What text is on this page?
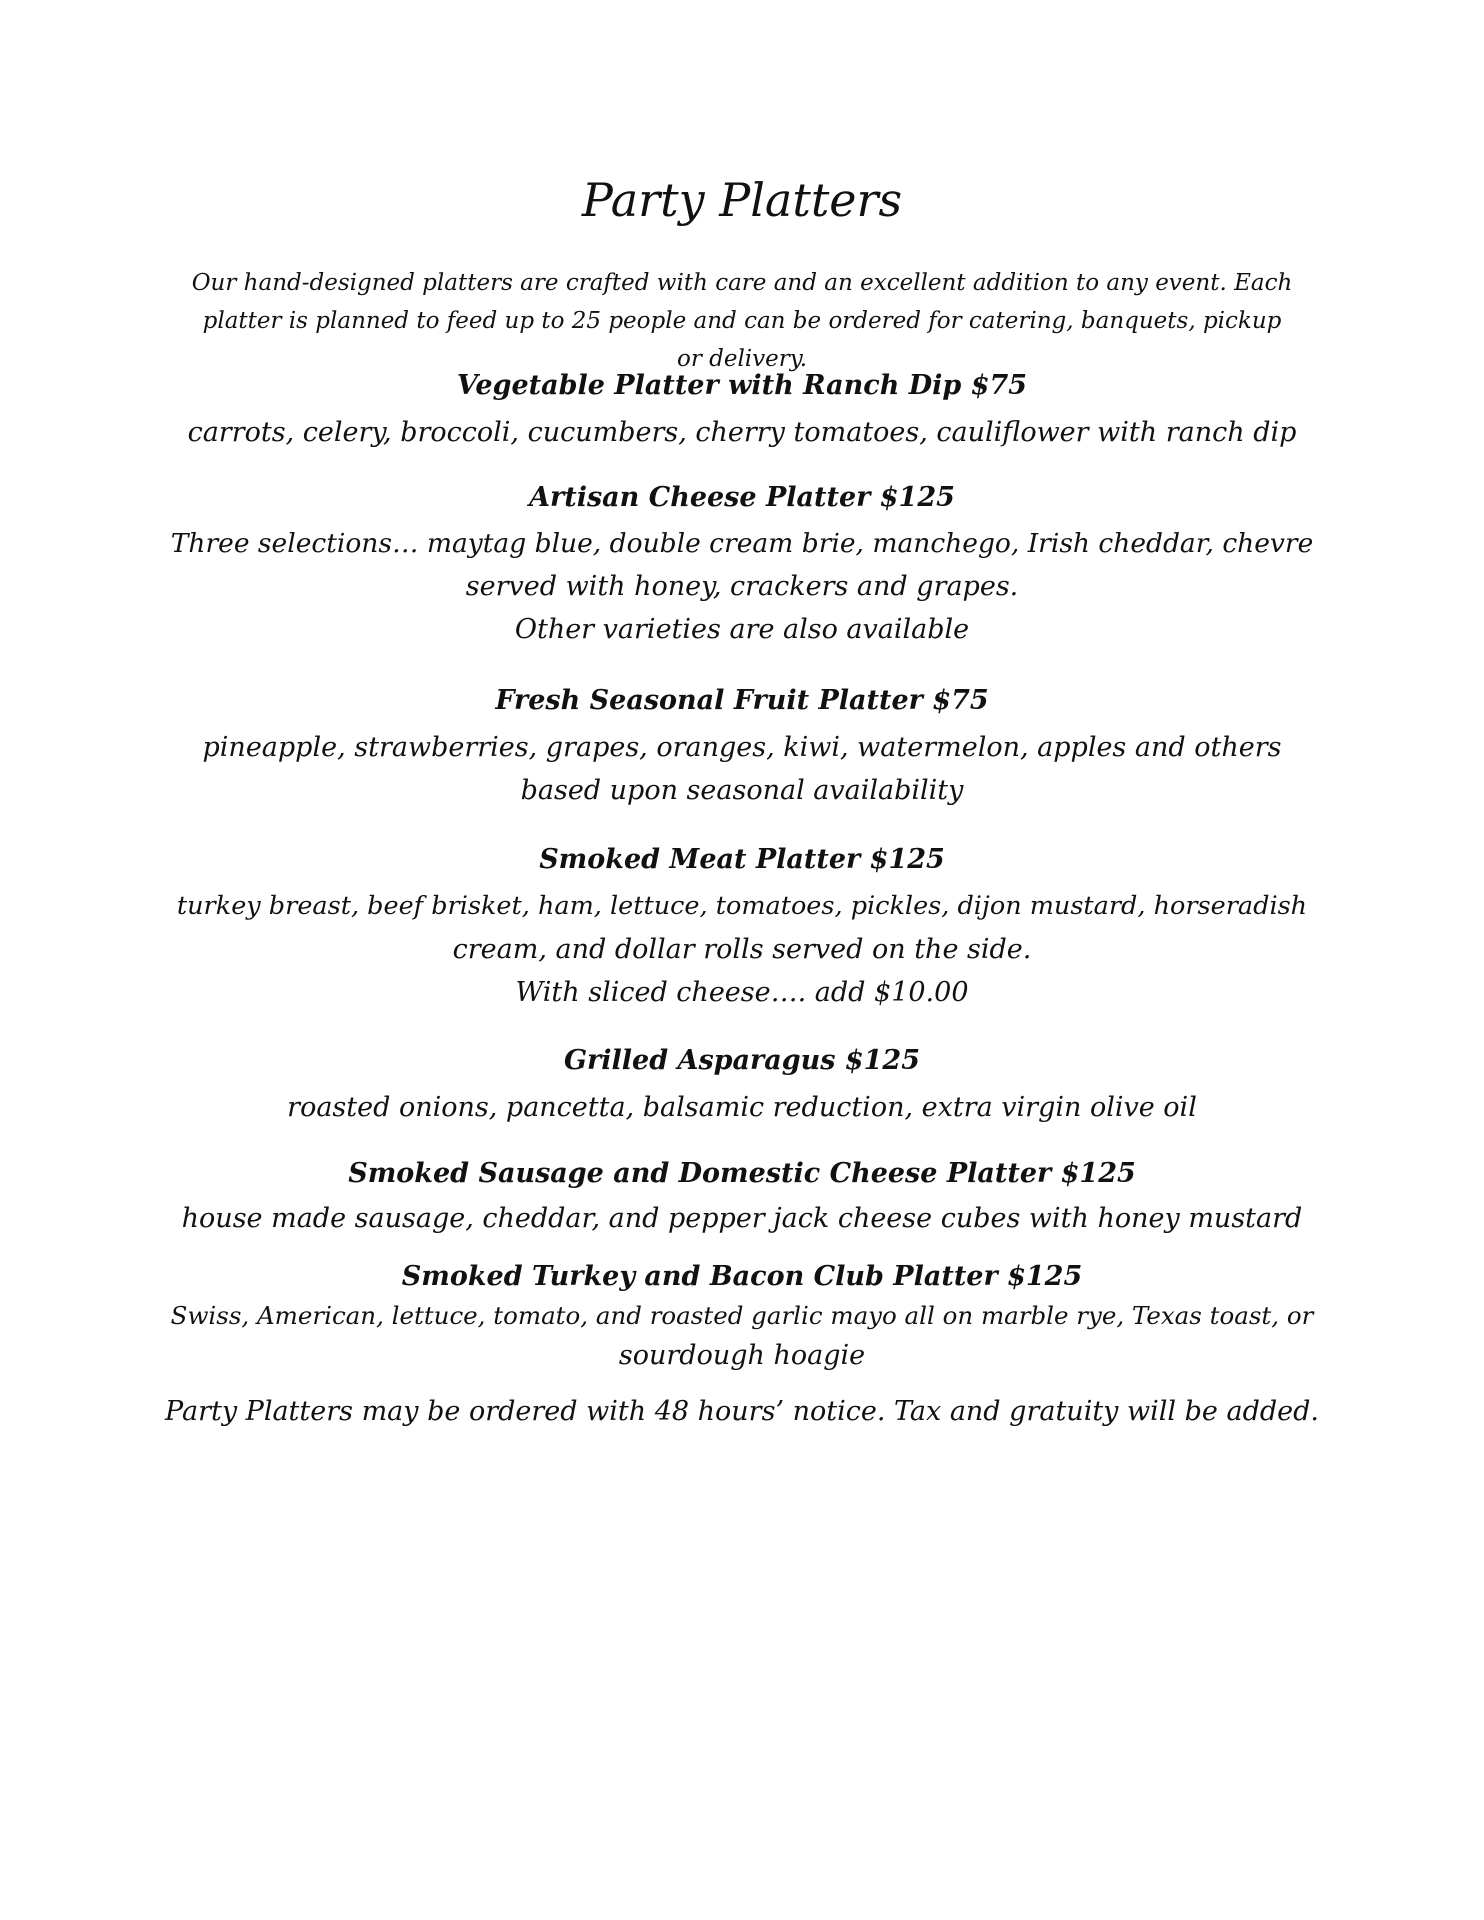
Party Platters
Our hand-designed platters are crafted with care and an excellent addition to any event. Each platter is planned to feed up to 25 people and can be ordered for catering, banquets, pickup or delivery.
Vegetable Platter with Ranch Dip $75
carrots, celery, broccoli, cucumbers, cherry tomatoes, cauliflower with ranch dip
Artisan Cheese Platter $125
Three selections… maytag blue, double cream brie, manchego, Irish cheddar, chevre
served with honey, crackers and grapes.
Other varieties are also available
Fresh Seasonal Fruit Platter $75
pineapple, strawberries, grapes, oranges, kiwi, watermelon, apples and others
based upon seasonal availability
Smoked Meat Platter $125
turkey breast, beef brisket, ham, lettuce, tomatoes, pickles, dijon mustard, horseradish
cream, and dollar rolls served on the side.
With sliced cheese…. add $10.00
Grilled Asparagus $125
roasted onions, pancetta, balsamic reduction, extra virgin olive oil
Smoked Sausage and Domestic Cheese Platter $125
house made sausage, cheddar, and pepper jack cheese cubes with honey mustard
Smoked Turkey and Bacon Club Platter $125
Swiss, American, lettuce, tomato, and roasted garlic mayo all on marble rye, Texas toast, or
sourdough hoagie
Party Platters may be ordered with 48 hours’ notice. Tax and gratuity will be added.
